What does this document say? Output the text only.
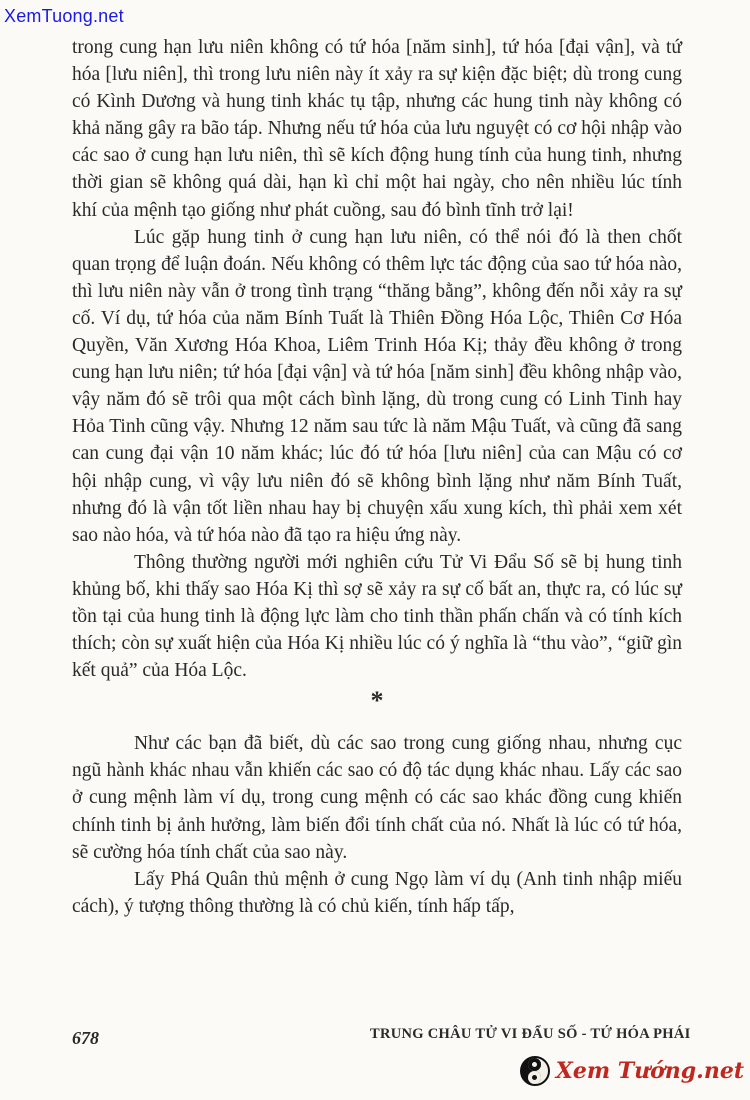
XemTuong.net

trong cung hạn lưu niên không có tứ hóa [năm sinh], tứ hóa [đại vận], và tứ hóa [lưu niên], thì trong lưu niên này ít xảy ra sự kiện đặc biệt; dù trong cung có Kình Dương và hung tinh khác tụ tập, nhưng các hung tinh này không có khả năng gây ra bão táp. Nhưng nếu tứ hóa của lưu nguyệt có cơ hội nhập vào các sao ở cung hạn lưu niên, thì sẽ kích động hung tính của hung tinh, nhưng thời gian sẽ không quá dài, hạn kì chỉ một hai ngày, cho nên nhiều lúc tính khí của mệnh tạo giống như phát cuồng, sau đó bình tĩnh trở lại!

Lúc gặp hung tinh ở cung hạn lưu niên, có thể nói đó là then chốt quan trọng để luận đoán. Nếu không có thêm lực tác động của sao tứ hóa nào, thì lưu niên này vẫn ở trong tình trạng “thăng bằng”, không đến nỗi xảy ra sự cố. Ví dụ, tứ hóa của năm Bính Tuất là Thiên Đồng Hóa Lộc, Thiên Cơ Hóa Quyền, Văn Xương Hóa Khoa, Liêm Trinh Hóa Kị; thảy đều không ở trong cung hạn lưu niên; tứ hóa [đại vận] và tứ hóa [năm sinh] đều không nhập vào, vậy năm đó sẽ trôi qua một cách bình lặng, dù trong cung có Linh Tinh hay Hỏa Tinh cũng vậy. Nhưng 12 năm sau tức là năm Mậu Tuất, và cũng đã sang can cung đại vận 10 năm khác; lúc đó tứ hóa [lưu niên] của can Mậu có cơ hội nhập cung, vì vậy lưu niên đó sẽ không bình lặng như năm Bính Tuất, nhưng đó là vận tốt liền nhau hay bị chuyện xấu xung kích, thì phải xem xét sao nào hóa, và tứ hóa nào đã tạo ra hiệu ứng này.

Thông thường người mới nghiên cứu Tử Vi Đẩu Số sẽ bị hung tinh khủng bố, khi thấy sao Hóa Kị thì sợ sẽ xảy ra sự cố bất an, thực ra, có lúc sự tồn tại của hung tinh là động lực làm cho tinh thần phấn chấn và có tính kích thích; còn sự xuất hiện của Hóa Kị nhiều lúc có ý nghĩa là “thu vào”, “giữ gìn kết quả” của Hóa Lộc.

*

Như các bạn đã biết, dù các sao trong cung giống nhau, nhưng cục ngũ hành khác nhau vẫn khiến các sao có độ tác dụng khác nhau. Lấy các sao ở cung mệnh làm ví dụ, trong cung mệnh có các sao khác đồng cung khiến chính tinh bị ảnh hưởng, làm biến đổi tính chất của nó. Nhất là lúc có tứ hóa, sẽ cường hóa tính chất của sao này.

Lấy Phá Quân thủ mệnh ở cung Ngọ làm ví dụ (Anh tinh nhập miếu cách), ý tượng thông thường là có chủ kiến, tính hấp tấp,

678	TRUNG CHÂU TỬ VI ĐẨU SỐ - TỨ HÓA PHÁI
Xem Tướng.net
